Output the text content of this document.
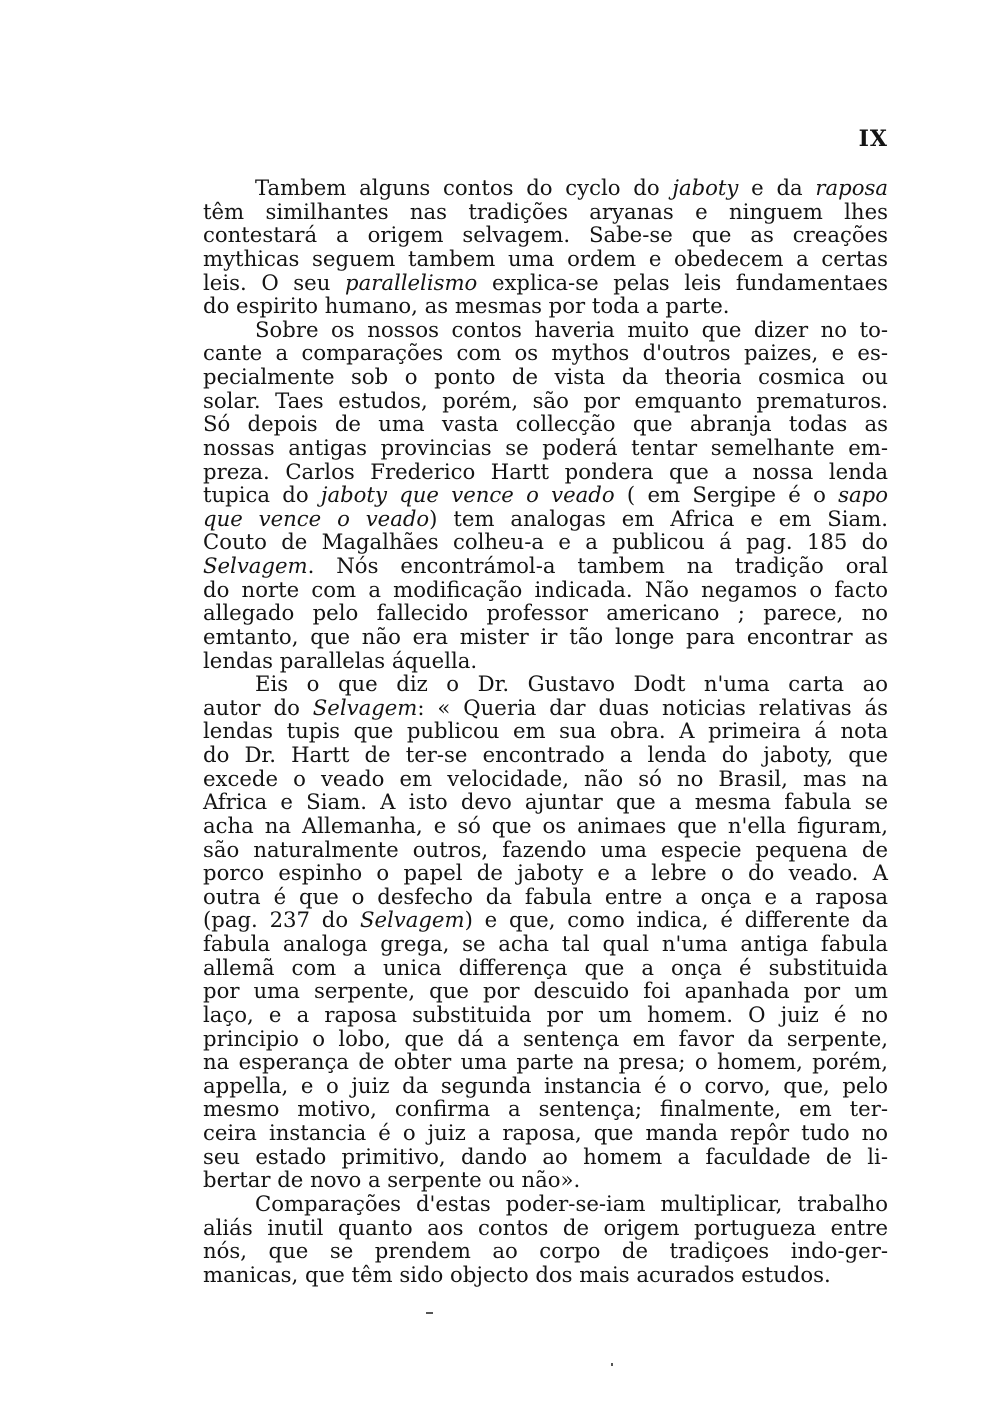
IX
Tambem alguns contos do cyclo do jaboty e da raposa
têm similhantes nas tradições aryanas e ninguem lhes
contestará a origem selvagem. Sabe-se que as creações
mythicas seguem tambem uma ordem e obedecem a certas
leis. O seu parallelismo explica-se pelas leis fundamentaes
do espirito humano, as mesmas por toda a parte.
Sobre os nossos contos haveria muito que dizer no to-
cante a comparações com os mythos d'outros paizes, e es-
pecialmente sob o ponto de vista da theoria cosmica ou
solar. Taes estudos, porém, são por emquanto prematuros.
Só depois de uma vasta collecção que abranja todas as
nossas antigas provincias se poderá tentar semelhante em-
preza. Carlos Frederico Hartt pondera que a nossa lenda
tupica do jaboty que vence o veado ( em Sergipe é o sapo
que vence o veado) tem analogas em Africa e em Siam.
Couto de Magalhães colheu-a e a publicou á pag. 185 do
Selvagem. Nós encontrámol-a tambem na tradição oral
do norte com a modificação indicada. Não negamos o facto
allegado pelo fallecido professor americano ; parece, no
emtanto, que não era mister ir tão longe para encontrar as
lendas parallelas áquella.
Eis o que diz o Dr. Gustavo Dodt n'uma carta ao
autor do Selvagem: « Queria dar duas noticias relativas ás
lendas tupis que publicou em sua obra. A primeira á nota
do Dr. Hartt de ter-se encontrado a lenda do jaboty, que
excede o veado em velocidade, não só no Brasil, mas na
Africa e Siam. A isto devo ajuntar que a mesma fabula se
acha na Allemanha, e só que os animaes que n'ella figuram,
são naturalmente outros, fazendo uma especie pequena de
porco espinho o papel de jaboty e a lebre o do veado. A
outra é que o desfecho da fabula entre a onça e a raposa
(pag. 237 do Selvagem) e que, como indica, é differente da
fabula analoga grega, se acha tal qual n'uma antiga fabula
allemã com a unica differença que a onça é substituida
por uma serpente, que por descuido foi apanhada por um
laço, e a raposa substituida por um homem. O juiz é no
principio o lobo, que dá a sentença em favor da serpente,
na esperança de obter uma parte na presa; o homem, porém,
appella, e o juiz da segunda instancia é o corvo, que, pelo
mesmo motivo, confirma a sentença; finalmente, em ter-
ceira instancia é o juiz a raposa, que manda repôr tudo no
seu estado primitivo, dando ao homem a faculdade de li-
bertar de novo a serpente ou não».
Comparações d'estas poder-se-iam multiplicar, trabalho
aliás inutil quanto aos contos de origem portugueza entre
nós, que se prendem ao corpo de tradiçoes indo-ger-
manicas, que têm sido objecto dos mais acurados estudos.
